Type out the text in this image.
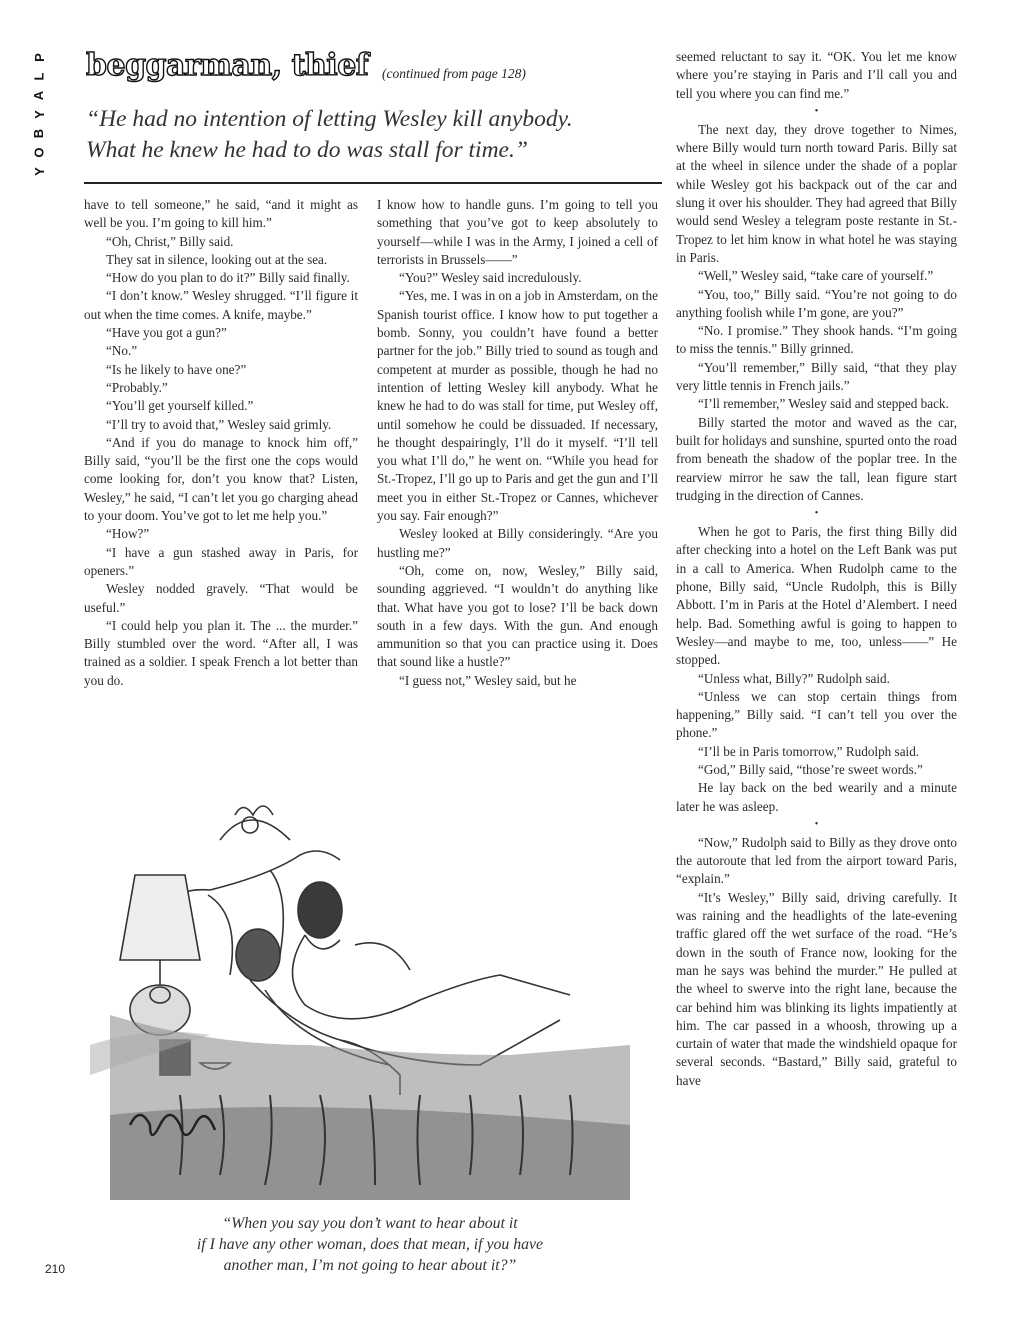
P
L
A
Y
B
O
Y
beggarman, thief (continued from page 128)
“He had no intention of letting Wesley kill anybody.
What he knew he had to do was stall for time.”

have to tell someone,” he said, “and it might as well be you. I’m going to kill him.”

“Oh, Christ,” Billy said.

They sat in silence, looking out at the sea.

“How do you plan to do it?” Billy said finally.

“I don’t know.” Wesley shrugged. “I’ll figure it out when the time comes. A knife, maybe.”

“Have you got a gun?”

“No.”

“Is he likely to have one?”

“Probably.”

“You’ll get yourself killed.”

“I’ll try to avoid that,” Wesley said grimly.

“And if you do manage to knock him off,” Billy said, “you’ll be the first one the cops would come looking for, don’t you know that? Listen, Wesley,” he said, “I can’t let you go charging ahead to your doom. You’ve got to let me help you.”

“How?”

“I have a gun stashed away in Paris, for openers.”

Wesley nodded gravely. “That would be useful.”

“I could help you plan it. The ... the murder.” Billy stumbled over the word. “After all, I was trained as a soldier. I speak French a lot better than you do.

I know how to handle guns. I’m going to tell you something that you’ve got to keep absolutely to yourself—while I was in the Army, I joined a cell of terrorists in Brussels——”

“You?” Wesley said incredulously.

“Yes, me. I was in on a job in Amsterdam, on the Spanish tourist office. I know how to put together a bomb. Sonny, you couldn’t have found a better partner for the job.” Billy tried to sound as tough and competent at murder as possible, though he had no intention of letting Wesley kill anybody. What he knew he had to do was stall for time, put Wesley off, until somehow he could be dissuaded. If necessary, he thought despairingly, I’ll do it myself. “I’ll tell you what I’ll do,” he went on. “While you head for St.-Tropez, I’ll go up to Paris and get the gun and I’ll meet you in either St.-Tropez or Cannes, whichever you say. Fair enough?”

Wesley looked at Billy consideringly. “Are you hustling me?”

“Oh, come on, now, Wesley,” Billy said, sounding aggrieved. “I wouldn’t do anything like that. What have you got to lose? I’ll be back down south in a few days. With the gun. And enough ammunition so that you can practice using it. Does that sound like a hustle?”

“I guess not,” Wesley said, but he

seemed reluctant to say it. “OK. You let me know where you’re staying in Paris and I’ll call you and tell you where you can find me.”

•

The next day, they drove together to Nimes, where Billy would turn north toward Paris. Billy sat at the wheel in silence under the shade of a poplar while Wesley got his backpack out of the car and slung it over his shoulder. They had agreed that Billy would send Wesley a telegram poste restante in St.-Tropez to let him know in what hotel he was staying in Paris.

“Well,” Wesley said, “take care of yourself.”

“You, too,” Billy said. “You’re not going to do anything foolish while I’m gone, are you?”

“No. I promise.” They shook hands. “I’m going to miss the tennis.” Billy grinned.

“You’ll remember,” Billy said, “that they play very little tennis in French jails.”

“I’ll remember,” Wesley said and stepped back.

Billy started the motor and waved as the car, built for holidays and sunshine, spurted onto the road from beneath the shadow of the poplar tree. In the rearview mirror he saw the tall, lean figure start trudging in the direction of Cannes.

•

When he got to Paris, the first thing Billy did after checking into a hotel on the Left Bank was put in a call to America. When Rudolph came to the phone, Billy said, “Uncle Rudolph, this is Billy Abbott. I’m in Paris at the Hotel d’Alembert. I need help. Bad. Something awful is going to happen to Wesley—and maybe to me, too, unless——” He stopped.

“Unless what, Billy?” Rudolph said.

“Unless we can stop certain things from happening,” Billy said. “I can’t tell you over the phone.”

“I’ll be in Paris tomorrow,” Rudolph said.

“God,” Billy said, “those’re sweet words.”

He lay back on the bed wearily and a minute later he was asleep.

•

“Now,” Rudolph said to Billy as they drove onto the autoroute that led from the airport toward Paris, “explain.”

“It’s Wesley,” Billy said, driving carefully. It was raining and the headlights of the late-evening traffic glared off the wet surface of the road. “He’s down in the south of France now, looking for the man he says was behind the murder.” He pulled at the wheel to swerve into the right lane, because the car behind him was blinking its lights impatiently at him. The car passed in a whoosh, throwing up a curtain of water that made the windshield opaque for several seconds. “Bastard,” Billy said, grateful to have

“When you say you don’t want to hear about it
if I have any other woman, does that mean, if you have
another man, I’m not going to hear about it?”
210
